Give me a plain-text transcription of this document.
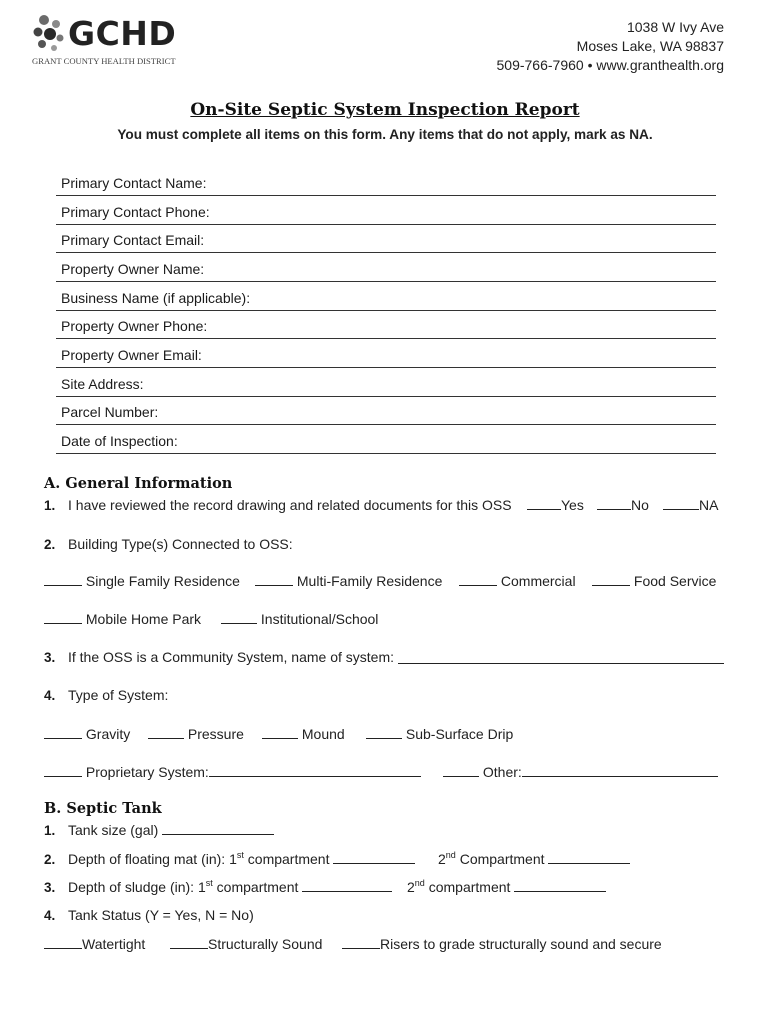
GCHD
GRANT COUNTY HEALTH DISTRICT
1038 W Ivy Ave
Moses Lake, WA 98837
509-766-7960 • www.granthealth.org
On-Site Septic System Inspection Report
You must complete all items on this form. Any items that do not apply, mark as NA.
Primary Contact Name:
Primary Contact Phone:
Primary Contact Email:
Property Owner Name:
Business Name (if applicable):
Property Owner Phone:
Property Owner Email:
Site Address:
Parcel Number:
Date of Inspection:
A. General Information
1. I have reviewed the record drawing and related documents for this OSS	Yes	No	NA
2. Building Type(s) Connected to OSS:
Single Family Residence	Multi-Family Residence	Commercial	Food Service
Mobile Home Park	Institutional/School
3. If the OSS is a Community System, name of system:
4. Type of System:
Gravity	Pressure	Mound	Sub-Surface Drip
Proprietary System:	Other:
B. Septic Tank
1. Tank size (gal)
2. Depth of floating mat (in): 1st compartment	2nd Compartment
3. Depth of sludge (in): 1st compartment	2nd compartment
4. Tank Status (Y = Yes, N = No)
Watertight	Structurally Sound	Risers to grade structurally sound and secure
